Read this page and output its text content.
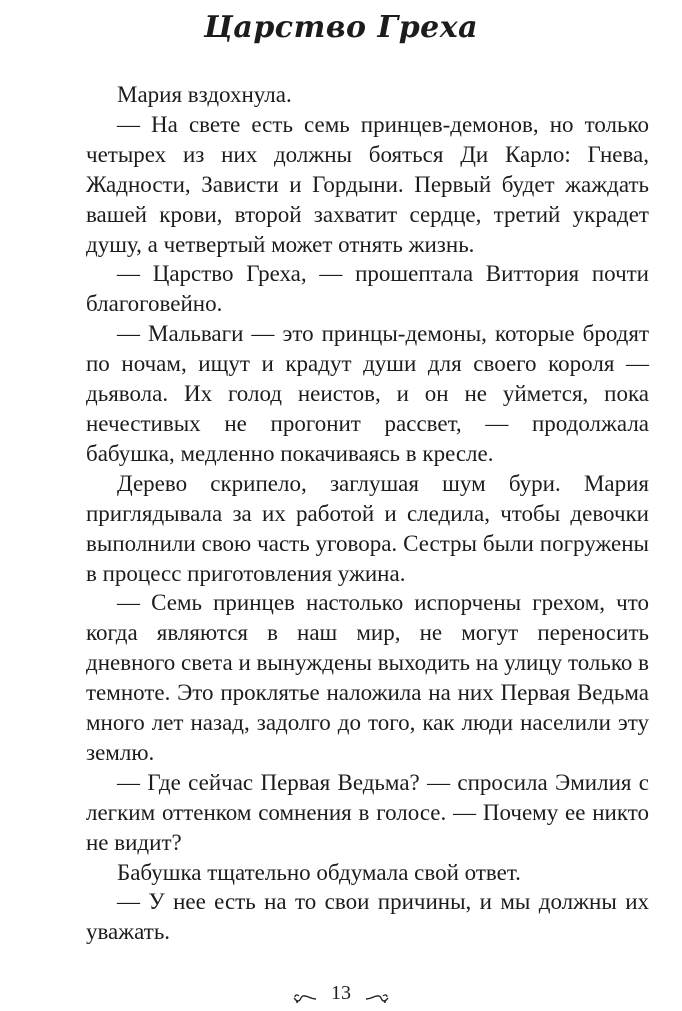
Царство Греха

Мария вздохнула.

— На свете есть семь принцев-демонов, но только четырех из них должны бояться Ди Карло: Гнева, Жадности, Зависти и Гордыни. Первый будет жаждать вашей крови, второй захватит сердце, третий украдет душу, а четвертый может отнять жизнь.

— Царство Греха, — прошептала Виттория почти благоговейно.

— Мальваги — это принцы-демоны, которые бродят по ночам, ищут и крадут души для своего короля — дьявола. Их голод неистов, и он не уймется, пока нечестивых не прогонит рассвет, — продолжала бабушка, медленно покачиваясь в кресле.

Дерево скрипело, заглушая шум бури. Мария приглядывала за их работой и следила, чтобы девочки выполнили свою часть уговора. Сестры были погружены в процесс приготовления ужина.

— Семь принцев настолько испорчены грехом, что когда являются в наш мир, не могут переносить дневного света и вынуждены выходить на улицу только в темноте. Это проклятье наложила на них Первая Ведьма много лет назад, задолго до того, как люди населили эту землю.

— Где сейчас Первая Ведьма? — спросила Эмилия с легким оттенком сомнения в голосе. — Почему ее никто не видит?

Бабушка тщательно обдумала свой ответ.

— У нее есть на то свои причины, и мы должны их уважать.

13
